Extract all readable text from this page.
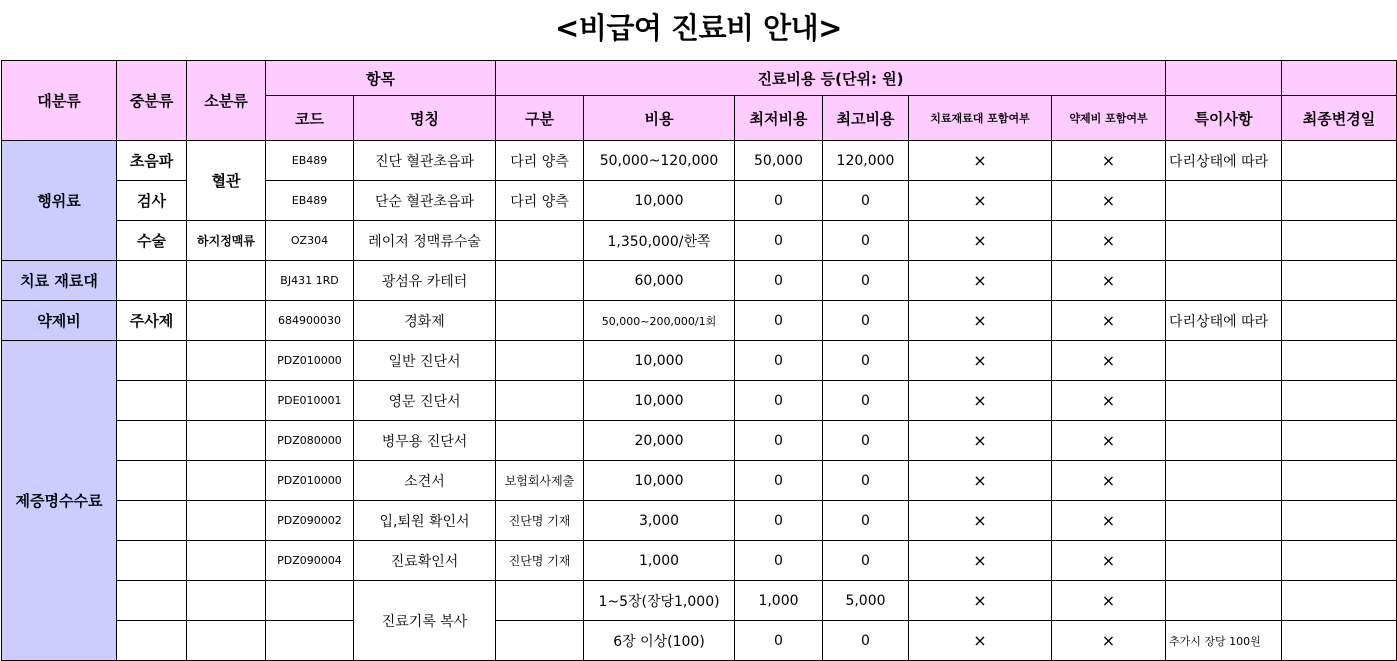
<비급여 진료비 안내>
대분류	중분류	소분류	항목		진료비용 등(단위: 원)							
			코드	명칭	구분	비용	최저비용	최고비용	치료재료대 포함여부	약제비 포함여부	특이사항	최종변경일
행위료	초음파	혈관	EB489	진단 혈관초음파	다리 양측	50,000~120,000	50,000	120,000	×	×	다리상태에 따라	
	검사		EB489	단순 혈관초음파	다리 양측	10,000	0	0	×	×		
	수술	하지정맥류	OZ304	레이저 정맥류수술		1,350,000/한쪽	0	0	×	×		
치료 재료대			BJ431 1RD	광섬유 카테터		60,000	0	0	×	×		
약제비	주사제		684900030	경화제		50,000~200,000/1회	0	0	×	×	다리상태에 따라	
제증명수수료			PDZ010000	일반 진단서		10,000	0	0	×	×		
			PDE010001	영문 진단서		10,000	0	0	×	×		
			PDZ080000	병무용 진단서		20,000	0	0	×	×		
			PDZ010000	소견서	보험회사제출	10,000	0	0	×	×		
			PDZ090002	입,퇴원 확인서	진단명 기재	3,000	0	0	×	×		
			PDZ090004	진료확인서	진단명 기재	1,000	0	0	×	×		
				진료기록 복사		1~5장(장당1,000)	1,000	5,000	×	×		
						6장 이상(100)	0	0	×	×	추가시 장당 100원	
